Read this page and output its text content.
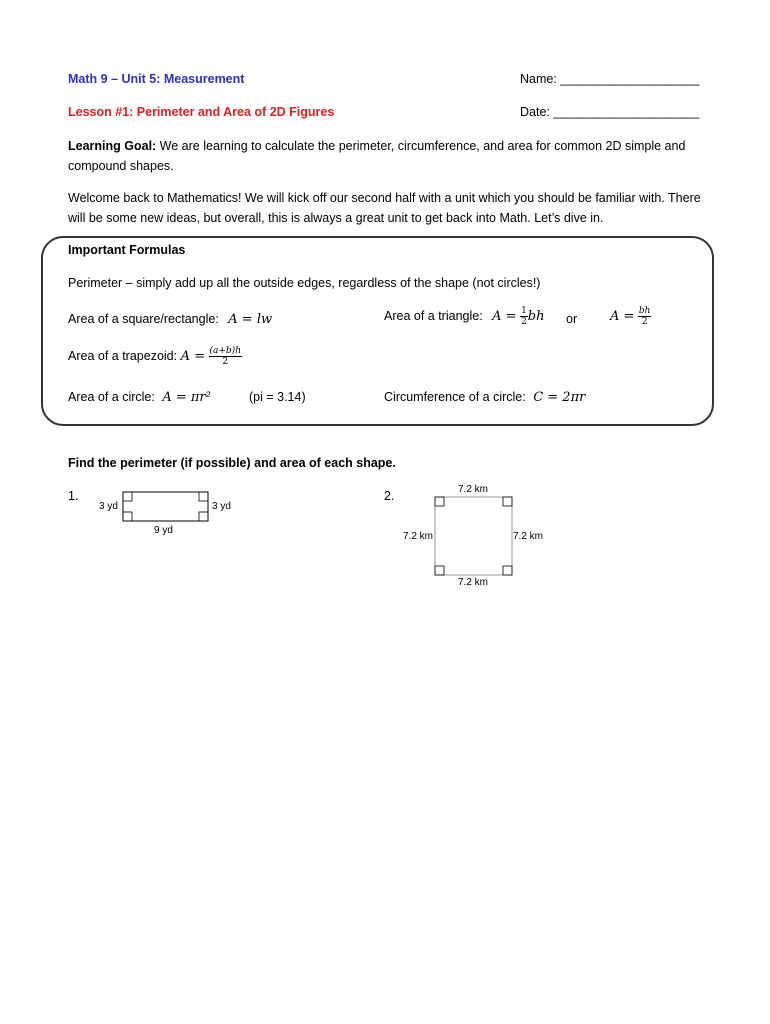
Math 9 – Unit 5: Measurement	Name: ____________________
Lesson #1: Perimeter and Area of 2D Figures	Date: _____________________
Learning Goal: We are learning to calculate the perimeter, circumference, and area for common 2D simple and compound shapes.
Welcome back to Mathematics! We will kick off our second half with a unit which you should be familiar with. There will be some new ideas, but overall, this is always a great unit to get back into Math. Let’s dive in.
Important Formulas
Perimeter – simply add up all the outside edges, regardless of the shape (not circles!)
Area of a square/rectangle: A = lw	Area of a triangle: $A = \frac{1}{2}$ bh or	$A = \frac{bh}{2}$
Area of a trapezoid: $A = \frac{(a+b)h}{2}$
Area of a circle: A = πr²	(pi = 3.14)	Circumference of a circle: C = 2πr
Find the perimeter (if possible) and area of each shape.
1.
3 yd	3 yd
9 yd
2.	7.2 km
7.2 km	7.2 km
7.2 km
